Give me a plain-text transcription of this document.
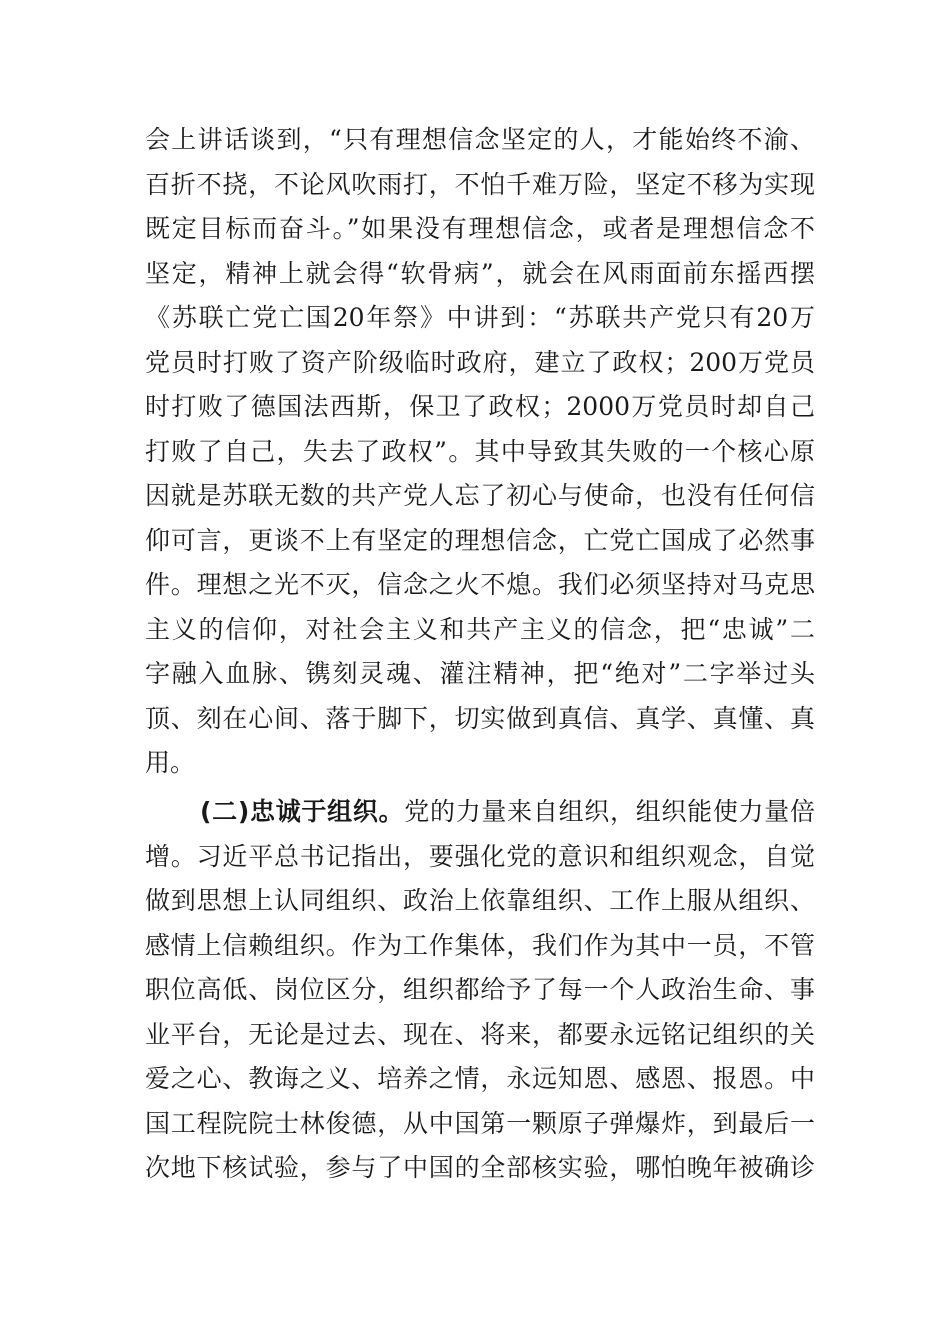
会上讲话谈到，“只有理想信念坚定的人，才能始终不渝、
百折不挠，不论风吹雨打，不怕千难万险，坚定不移为实现
既定目标而奋斗。”如果没有理想信念，或者是理想信念不
坚定，精神上就会得“软骨病”，就会在风雨面前东摇西摆
《苏联亡党亡国20年祭》中讲到：“苏联共产党只有20万
党员时打败了资产阶级临时政府，建立了政权；200万党员
时打败了德国法西斯，保卫了政权；2000万党员时却自己
打败了自己，失去了政权”。其中导致其失败的一个核心原
因就是苏联无数的共产党人忘了初心与使命，也没有任何信
仰可言，更谈不上有坚定的理想信念，亡党亡国成了必然事
件。理想之光不灭，信念之火不熄。我们必须坚持对马克思
主义的信仰，对社会主义和共产主义的信念，把“忠诚”二
字融入血脉、镌刻灵魂、灌注精神，把“绝对”二字举过头
顶、刻在心间、落于脚下，切实做到真信、真学、真懂、真
用。
(二)忠诚于组织。党的力量来自组织，组织能使力量倍
增。习近平总书记指出，要强化党的意识和组织观念，自觉
做到思想上认同组织、政治上依靠组织、工作上服从组织、
感情上信赖组织。作为工作集体，我们作为其中一员，不管
职位高低、岗位区分，组织都给予了每一个人政治生命、事
业平台，无论是过去、现在、将来，都要永远铭记组织的关
爱之心、教诲之义、培养之情，永远知恩、感恩、报恩。中
国工程院院士林俊德，从中国第一颗原子弹爆炸，到最后一
次地下核试验，参与了中国的全部核实验，哪怕晚年被确诊
